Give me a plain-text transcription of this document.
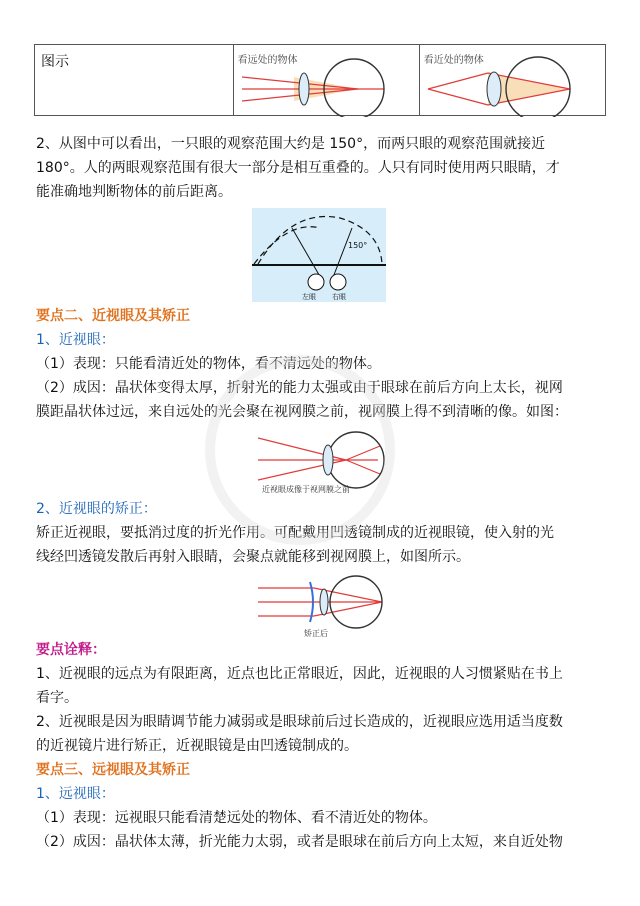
图示	看远处的物体	看近处的物体
2、从图中可以看出，一只眼的观察范围大约是 150°，而两只眼的观察范围就接近
180°。人的两眼观察范围有很大一部分是相互重叠的。人只有同时使用两只眼睛，才
能准确地判断物体的前后距离。
150°
左眼 右眼
要点二、近视眼及其矫正
1、近视眼：
（1）表现：只能看清近处的物体，看不清远处的物体。
（2）成因：晶状体变得太厚，折射光的能力太强或由于眼球在前后方向上太长，视网
膜距晶状体过远，来自远处的光会聚在视网膜之前，视网膜上得不到清晰的像。如图：
近视眼成像于视网膜之前
2、近视眼的矫正：
矫正近视眼，要抵消过度的折光作用。可配戴用凹透镜制成的近视眼镜，使入射的光
线经凹透镜发散后再射入眼睛，会聚点就能移到视网膜上，如图所示。
矫正后
要点诠释：
1、近视眼的远点为有限距离，近点也比正常眼近，因此，近视眼的人习惯紧贴在书上
看字。
2、近视眼是因为眼睛调节能力减弱或是眼球前后过长造成的，近视眼应选用适当度数
的近视镜片进行矫正，近视眼镜是由凹透镜制成的。
要点三、远视眼及其矫正
1、远视眼：
（1）表现：远视眼只能看清楚远处的物体、看不清近处的物体。
（2）成因：晶状体太薄，折光能力太弱，或者是眼球在前后方向上太短，来自近处物
